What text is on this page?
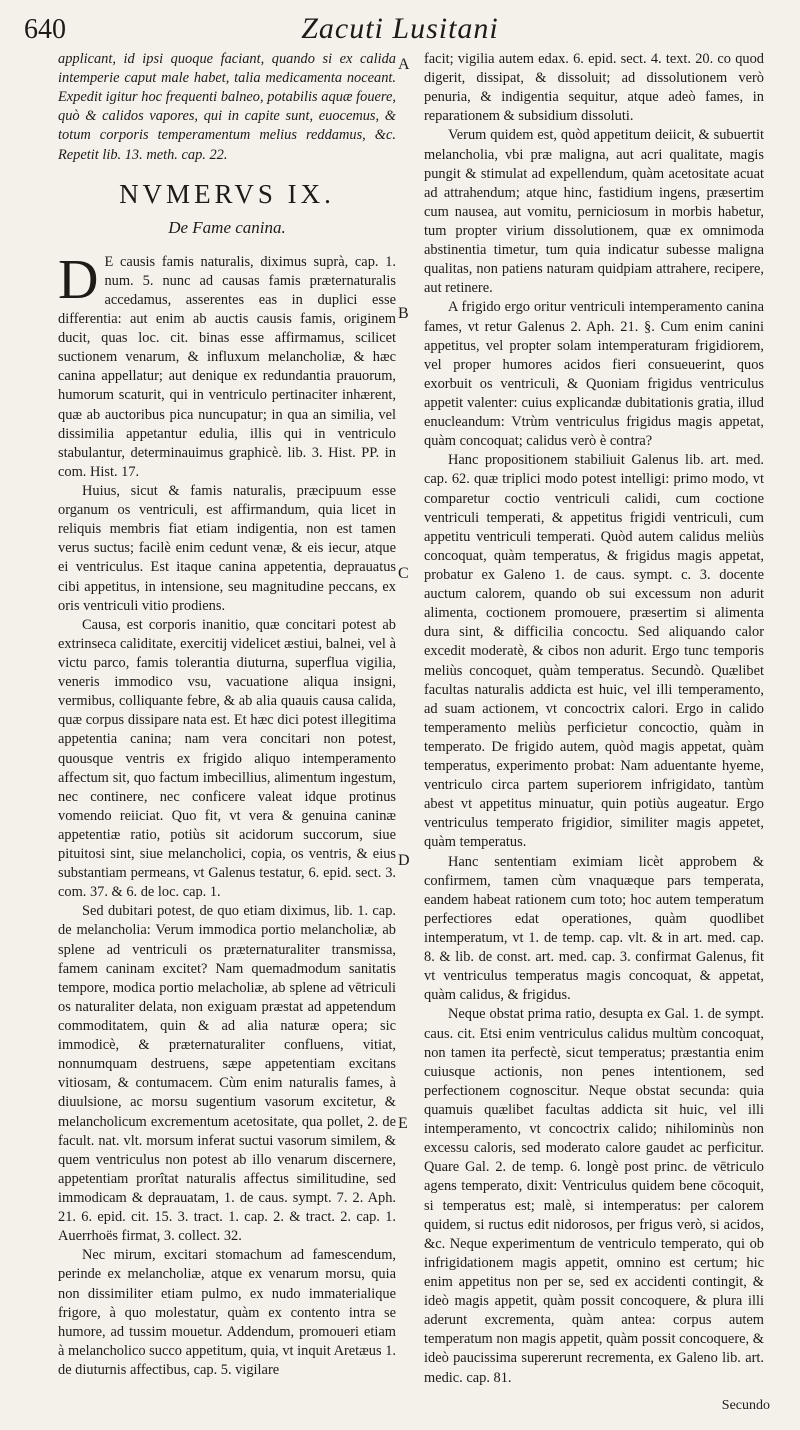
640	Zacuti Lusitani

applicant, id ipsi quoque faciant, quando si ex calida intemperie caput male habet, talia medicamenta noceant. Expedit igitur hoc frequenti balneo, potabilis aquæ fouere, quò & calidos vapores, qui in capite sunt, euocemus, & totum corporis temperamentum melius reddamus, &c. Repetit lib. 13. meth. cap. 22.

NVMERVS IX.
De Fame canina.

D E causis famis naturalis, diximus suprà, cap. 1. num. 5. nunc ad causas famis præternaturalis accedamus, asserentes eas in duplici esse differentia: aut enim ab auctis causis famis, originem ducit, quas loc. cit. binas esse affirmamus, scilicet suctionem venarum, & influxum melancholiæ, & hæc canina appellatur; aut denique ex redundantia prauorum, humorum scaturit, qui in ventriculo pertinaciter inhærent, quæ ab auctoribus pica nuncupatur; in qua an similia, vel dissimilia appetantur edulia, illis qui in ventriculo stabulantur, determinauimus graphicè. lib. 3. Hist. PP. in com. Hist. 17.

Huius, sicut & famis naturalis, præcipuum esse organum os ventriculi, est affirmandum, quia licet in reliquis membris fiat etiam indigentia, non est tamen verus suctus; facilè enim cedunt venæ, & eis iecur, atque ei ventriculus. Est itaque canina appetentia, deprauatus cibi appetitus, in intensione, seu magnitudine peccans, ex oris ventriculi vitio prodiens.

Causa, est corporis inanitio, quæ concitari potest ab extrinseca caliditate, exercitij videlicet æstiui, balnei, vel à victu parco, famis tolerantia diuturna, superflua vigilia, veneris immodico vsu, vacuatione aliqua insigni, vermibus, colliquante febre, & ab alia quauis causa calida, quæ corpus dissipare nata est. Et hæc dici potest illegitima appetentia canina; nam vera concitari non potest, quousque ventris ex frigido aliquo intemperamento affectum sit, quo factum imbecillius, alimentum ingestum, nec continere, nec conficere valeat idque protinus vomendo reiiciat. Quo fit, vt vera & genuina caninæ appetentiæ ratio, potiùs sit acidorum succorum, siue pituitosi sint, siue melancholici, copia, os ventris, & eius substantiam permeans, vt Galenus testatur, 6. epid. sect. 3. com. 37. & 6. de loc. cap. 1.

Sed dubitari potest, de quo etiam diximus, lib. 1. cap. de melancholia: Verum immodica portio melancholiæ, ab splene ad ventriculi os præternaturaliter transmissa, famem caninam excitet? Nam quemadmodum sanitatis tempore, modica portio melacholiæ, ab splene ad vētriculi os naturaliter delata, non exiguam præstat ad appetendum commoditatem, quin & ad alia naturæ opera; sic immodicè, & præternaturaliter confluens, vitiat, nonnumquam destruens, sæpe appetentiam excitans vitiosam, & contumacem. Cùm enim naturalis fames, à diuulsione, ac morsu sugentium vasorum excitetur, & melancholicum excrementum acetositate, qua pollet, 2. de facult. nat. vlt. morsum inferat suctui vasorum similem, & quem ventriculus non potest ab illo venarum discernere, appetentiam prorîtat naturalis affectus similitudine, sed immodicam & deprauatam, 1. de caus. sympt. 7. 2. Aph. 21. 6. epid. cit. 15. 3. tract. 1. cap. 2. & tract. 2. cap. 1. Auerrhoës firmat, 3. collect. 32.

Nec mirum, excitari stomachum ad famescendum, perinde ex melancholiæ, atque ex venarum morsu, quia non dissimiliter etiam pulmo, ex nudo immaterialique frigore, à quo molestatur, quàm ex contento intra se humore, ad tussim mouetur. Addendum, promoueri etiam à melancholico succo appetitum, quia, vt inquit Aretæus 1. de diuturnis affectibus, cap. 5. vigilare

A
B
C
D
E

facit; vigilia autem edax. 6. epid. sect. 4. text. 20. co quod digerit, dissipat, & dissoluit; ad dissolutionem verò penuria, & indigentia sequitur, atque adeò fames, in reparationem & subsidium dissoluti.

Verum quidem est, quòd appetitum deiicit, & subuertit melancholia, vbi præ maligna, aut acri qualitate, magis pungit & stimulat ad expellendum, quàm acetositate acuat ad attrahendum; atque hinc, fastidium ingens, præsertim cum nausea, aut vomitu, perniciosum in morbis habetur, tum propter virium dissolutionem, quæ ex omnimoda abstinentia timetur, tum quia indicatur subesse maligna qualitas, non patiens naturam quidpiam attrahere, recipere, aut retinere.

A frigido ergo oritur ventriculi intemperamento canina fames, vt retur Galenus 2. Aph. 21. §. Cum enim canini appetitus, vel propter solam intemperaturam frigidiorem, vel proper humores acidos fieri consueuerint, quos exorbuit os ventriculi, & Quoniam frigidus ventriculus appetit valenter: cuius explicandæ dubitationis gratia, illud enucleandum: Vtrùm ventriculus frigidus magis appetat, quàm concoquat; calidus verò è contra?

Hanc propositionem stabiliuit Galenus lib. art. med. cap. 62. quæ triplici modo potest intelligi: primo modo, vt comparetur coctio ventriculi calidi, cum coctione ventriculi temperati, & appetitus frigidi ventriculi, cum appetitu ventriculi temperati. Quòd autem calidus meliùs concoquat, quàm temperatus, & frigidus magis appetat, probatur ex Galeno 1. de caus. sympt. c. 3. docente auctum calorem, quando ob sui excessum non adurit alimenta, coctionem promouere, præsertim si alimenta dura sint, & difficilia concoctu. Sed aliquando calor excedit moderatè, & cibos non adurit. Ergo tunc temporis meliùs concoquet, quàm temperatus. Secundò. Quælibet facultas naturalis addicta est huic, vel illi temperamento, ad suam actionem, vt concoctrix calori. Ergo in calido temperamento meliùs perficietur concoctio, quàm in temperato. De frigido autem, quòd magis appetat, quàm temperatus, experimento probat: Nam aduentante hyeme, ventriculo circa partem superiorem infrigidato, tantùm abest vt appetitus minuatur, quin potiùs augeatur. Ergo ventriculus temperato frigidior, similiter magis appetet, quàm temperatus.

Hanc sententiam eximiam licèt approbem & confirmem, tamen cùm vnaquæque pars temperata, eandem habeat rationem cum toto; hoc autem temperatum perfectiores edat operationes, quàm quodlibet intemperatum, vt 1. de temp. cap. vlt. & in art. med. cap. 8. & lib. de const. art. med. cap. 3. confirmat Galenus, fit vt ventriculus temperatus magis concoquat, & appetat, quàm calidus, & frigidus.

Neque obstat prima ratio, desupta ex Gal. 1. de sympt. caus. cit. Etsi enim ventriculus calidus multùm concoquat, non tamen ita perfectè, sicut temperatus; præstantia enim cuiusque actionis, non penes intentionem, sed perfectionem cognoscitur. Neque obstat secunda: quia quamuis quælibet facultas addicta sit huic, vel illi intemperamento, vt concoctrix calido; nihilominùs non excessu caloris, sed moderato calore gaudet ac perficitur. Quare Gal. 2. de temp. 6. longè post princ. de vētriculo agens temperato, dixit: Ventriculus quidem bene cōcoquit, si temperatus est; malè, si intemperatus: per calorem quidem, si ructus edit nidorosos, per frigus verò, si acidos, &c. Neque experimentum de ventriculo temperato, qui ob infrigidationem magis appetit, omnino est certum; hic enim appetitus non per se, sed ex accidenti contingit, & ideò magis appetit, quàm possit concoquere, & plura illi aderunt excrementa, quàm antea: corpus autem temperatum non magis appetit, quàm possit concoquere, & ideò paucissima supererunt recrementa, ex Galeno lib. art. medic. cap. 81.

Secundo
